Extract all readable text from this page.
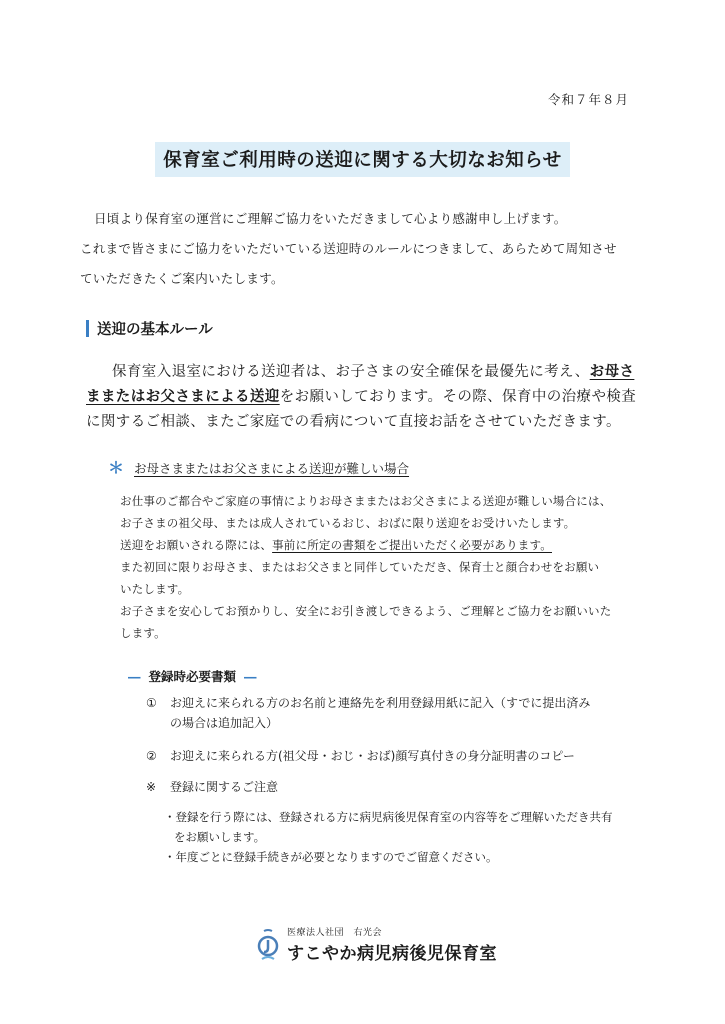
令和７年８月
保育室ご利用時の送迎に関する大切なお知らせ
日頃より保育室の運営にご理解ご協力をいただきまして心より感謝申し上げます。
これまで皆さまにご協力をいただいている送迎時のルールにつきまして、あらためて周知させ
ていただきたくご案内いたします。
送迎の基本ルール
保育室入退室における送迎者は、お子さまの安全確保を最優先に考え、お母さままたはお父さまによる送迎をお願いしております。その際、保育中の治療や検査に関するご相談、またご家庭での看病について直接お話をさせていただきます。
＊ お母さままたはお父さまによる送迎が難しい場合
お仕事のご都合やご家庭の事情によりお母さままたはお父さまによる送迎が難しい場合には、
お子さまの祖父母、または成人されているおじ、おばに限り送迎をお受けいたします。
送迎をお願いされる際には、事前に所定の書類をご提出いただく必要があります。
また初回に限りお母さま、またはお父さまと同伴していただき、保育士と顔合わせをお願い
いたします。
お子さまを安心してお預かりし、安全にお引き渡しできるよう、ご理解とご協力をお願いいた
します。
― 登録時必要書類 ―
①	お迎えに来られる方のお名前と連絡先を利用登録用紙に記入（すでに提出済み
の場合は追加記入）
②	お迎えに来られる方(祖父母・おじ・おば)顔写真付きの身分証明書のコピー
※	登録に関するご注意
・登録を行う際には、登録される方に病児病後児保育室の内容等をご理解いただき共有をお願いします。
・年度ごとに登録手続きが必要となりますのでご留意ください。
医療法人社団　右光会
すこやか病児病後児保育室
